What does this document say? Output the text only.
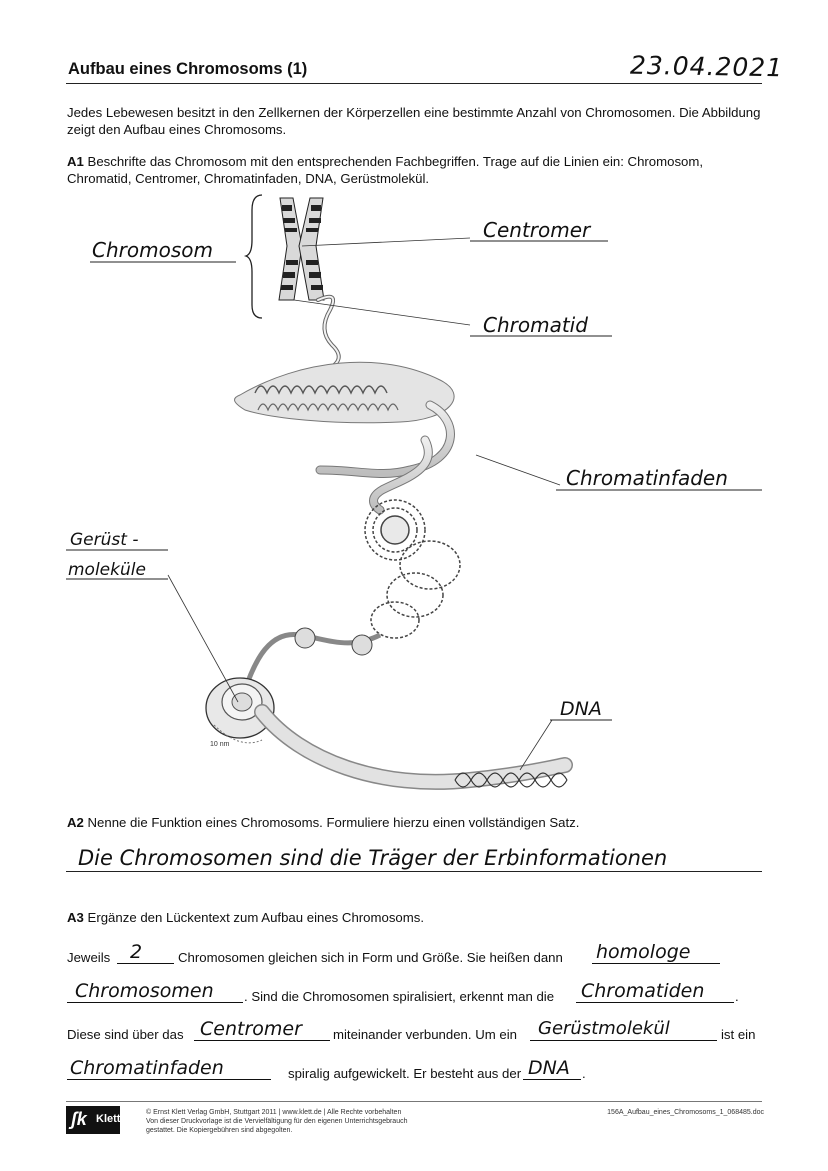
Aufbau eines Chromosoms (1)	23.04.2021
Jedes Lebewesen besitzt in den Zellkernen der Körperzellen eine bestimmte Anzahl von Chromosomen. Die Abbildung zeigt den Aufbau eines Chromosoms.
A1 Beschrifte das Chromosom mit den entsprechenden Fachbegriffen. Trage auf die Linien ein: Chromosom, Chromatid, Centromer, Chromatinfaden, DNA, Gerüstmolekül.
10 nm
Chromosom
Centromer
Chromatid
Chromatinfaden
Gerüst -
moleküle
DNA
A2 Nenne die Funktion eines Chromosoms. Formuliere hierzu einen vollständigen Satz.
Die Chromosomen sind die Träger der Erbinformationen
A3 Ergänze den Lückentext zum Aufbau eines Chromosoms.
Jeweils 2	Chromosomen gleichen sich in Form und Größe. Sie heißen dann homologe
Chromosomen . Sind die Chromosomen spiralisiert, erkennt man die Chromatiden .
Diese sind über das Centromer miteinander verbunden. Um ein Gerüstmolekül	ist ein
Chromatinfaden	spiralig aufgewickelt. Er besteht aus der DNA .
ʃk Klett
© Ernst Klett Verlag GmbH, Stuttgart 2011 | www.klett.de | Alle Rechte vorbehalten
Von dieser Druckvorlage ist die Vervielfältigung für den eigenen Unterrichtsgebrauch
gestattet. Die Kopiergebühren sind abgegolten.
156A_Aufbau_eines_Chromosoms_1_068485.doc
